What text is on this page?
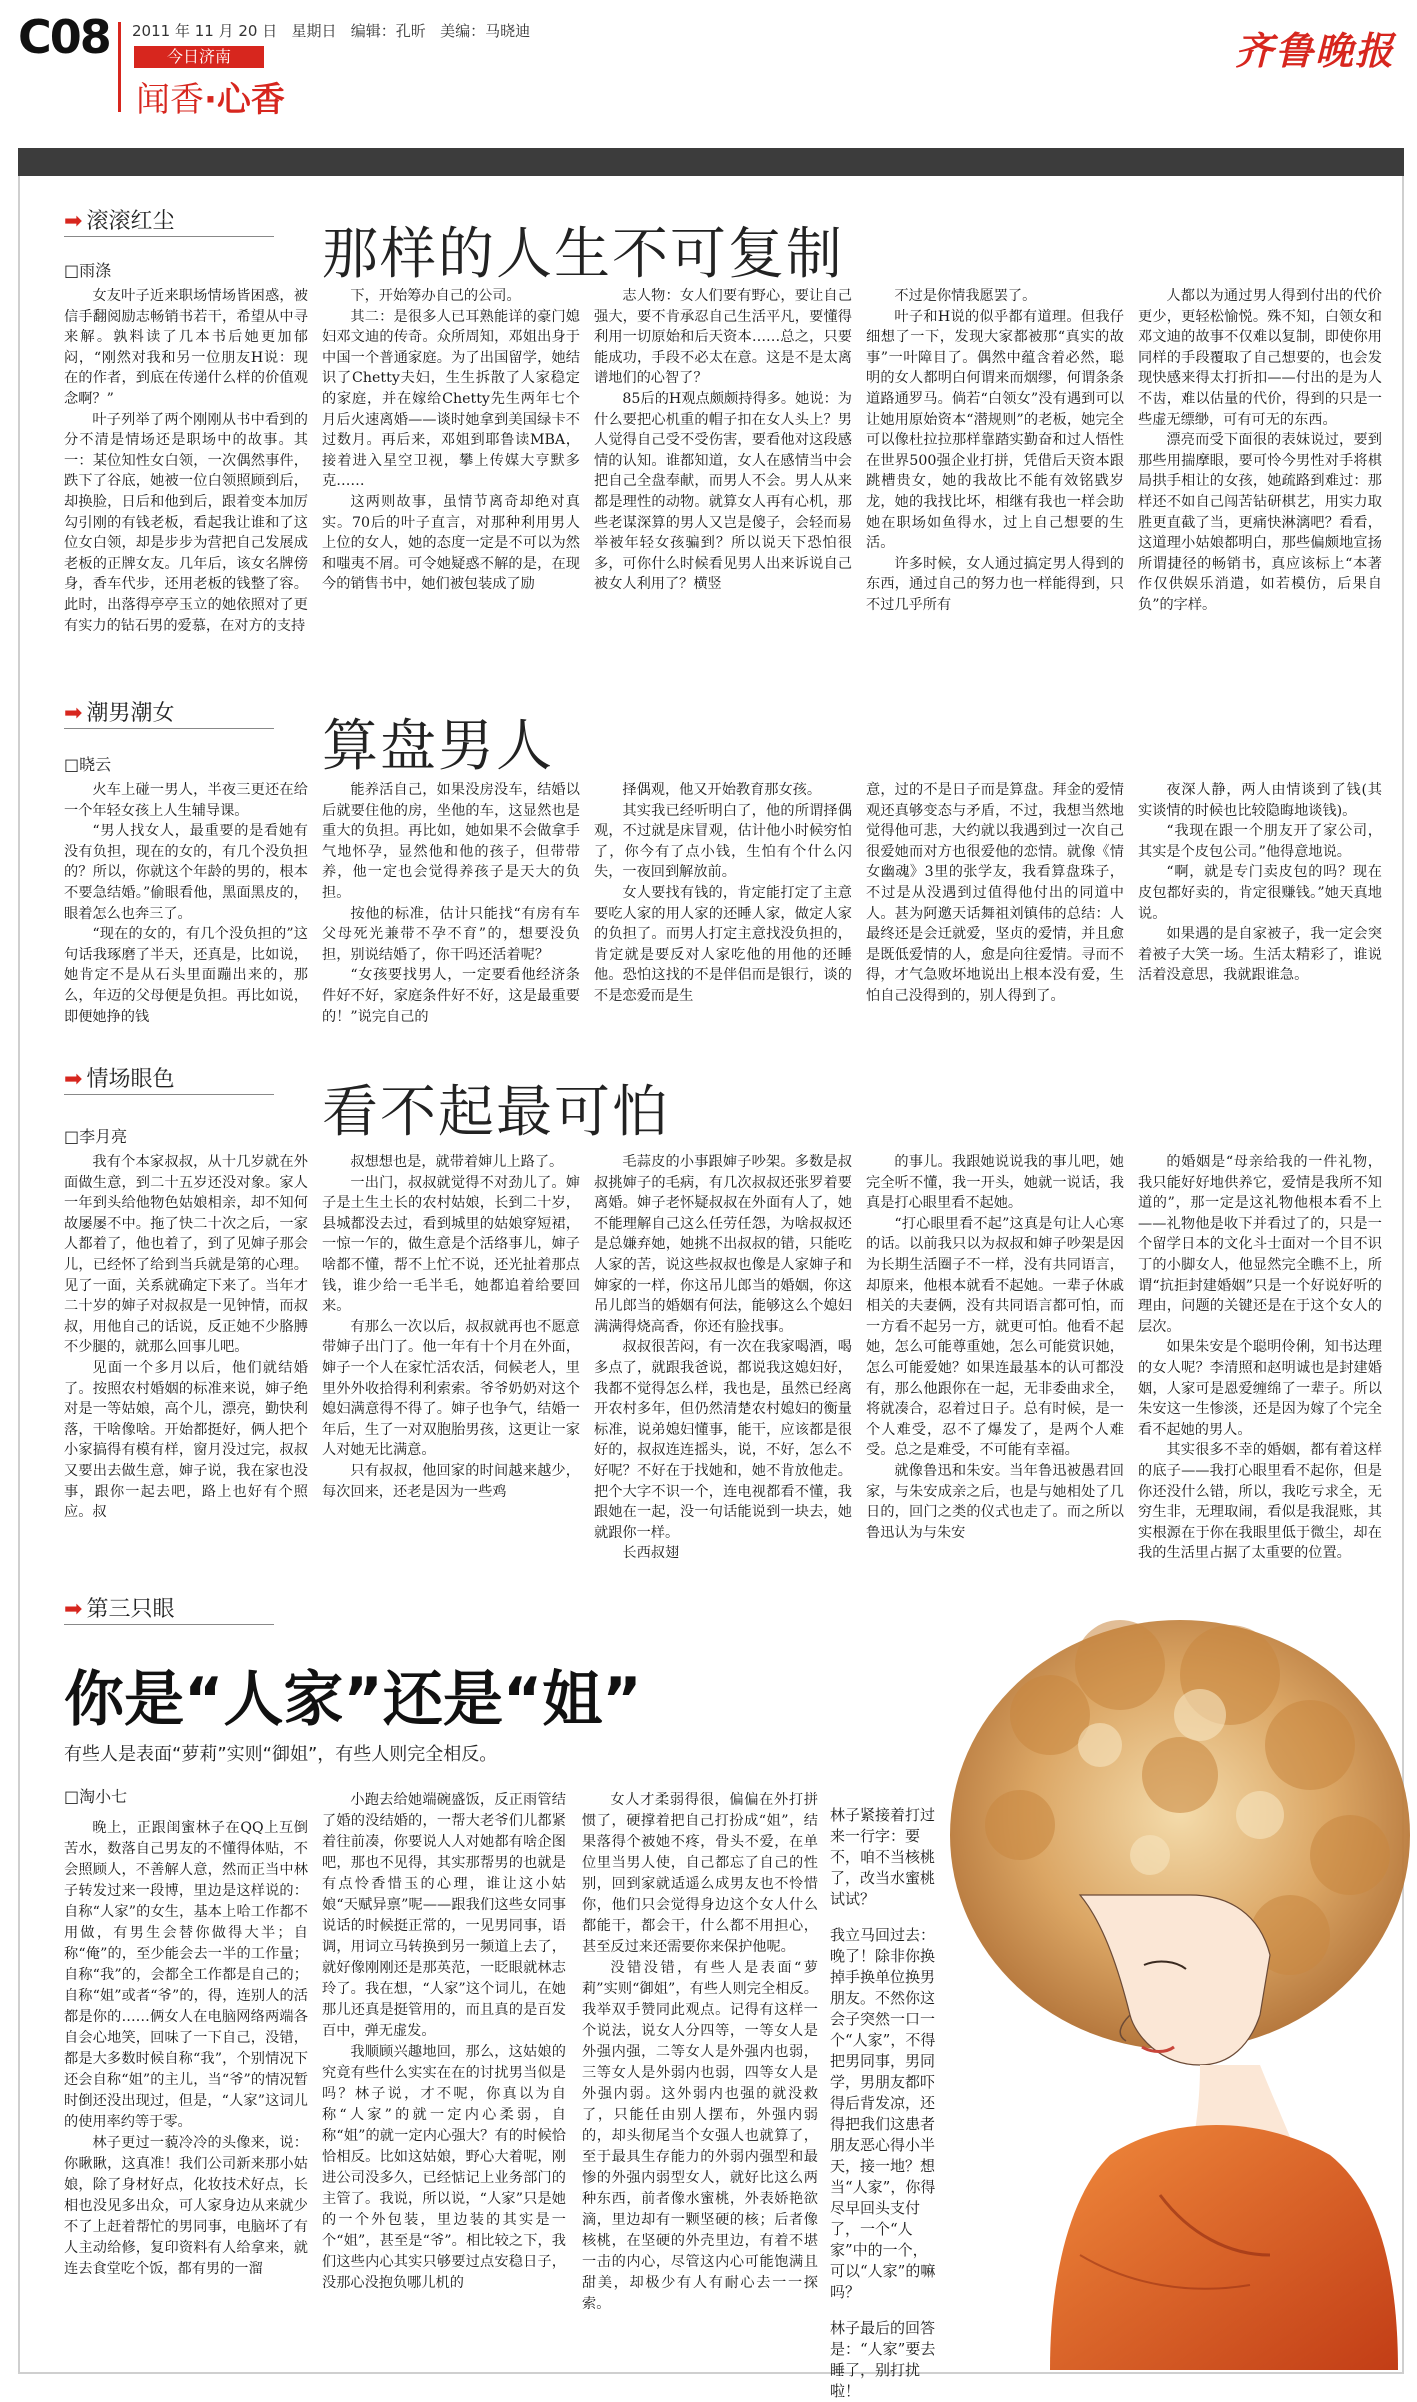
C08 2011 年 11 月 20 日   星期日   编辑：孔昕   美编：马晓迪
今日济南
闻香·心香
齐鲁晚报
➡ 滚滚红尘
那样的人生不可复制
□雨涤

女友叶子近来职场情场皆困惑，被信手翻阅励志畅销书若干，希望从中寻来解。孰料读了几本书后她更加郁闷，“刚然对我和另一位朋友H说：现在的作者，到底在传递什么样的价值观念啊？”

叶子列举了两个刚刚从书中看到的分不清是情场还是职场中的故事。其一：某位知性女白领，一次偶然事件，跌下了谷底，她被一位白领照顾到后，却换脸，日后和他到后，跟着变本加厉勾引刚的有钱老板，看起我让谁和了这位女白领，却是步步为营把自己发展成老板的正牌女友。几年后，该女名牌傍身，香车代步，还用老板的钱整了容。此时，出落得亭亭玉立的她依照对了更有实力的钻石男的爱慕，在对方的支持

下，开始筹办自己的公司。

其二：是很多人已耳熟能详的豪门媳妇邓文迪的传奇。众所周知，邓姐出身于中国一个普通家庭。为了出国留学，她结识了Chetty夫妇，生生拆散了人家稳定的家庭，并在嫁给Chetty先生两年七个月后火速离婚——谈时她拿到美国绿卡不过数月。再后来，邓姐到耶鲁读MBA，接着进入星空卫视，攀上传媒大亨默多克……

这两则故事，虽情节离奇却绝对真实。70后的叶子直言，对那种利用男人上位的女人，她的态度一定是不可以为然和嗤夷不屑。可令她疑惑不解的是，在现今的销售书中，她们被包装成了励

志人物：女人们要有野心，要让自己强大，要不肯承忍自己生活平凡，要懂得利用一切原始和后天资本……总之，只要能成功，手段不必太在意。这是不是太离谱地们的心智了？

85后的H观点颇颇持得多。她说：为什么要把心机重的帽子扣在女人头上？男人觉得自己受不受伤害，要看他对这段感情的认知。谁都知道，女人在感情当中会把自己全盘奉献，而男人不会。男人从来都是理性的动物。就算女人再有心机，那些老谋深算的男人又岂是傻子，会轻而易举被年轻女孩骗到？所以说天下恐怕很多，可你什么时候看见男人出来诉说自己被女人利用了？横竖

不过是你情我愿罢了。

叶子和H说的似乎都有道理。但我仔细想了一下，发现大家都被那“真实的故事”一叶障目了。偶然中蕴含着必然，聪明的女人都明白何谓来而烟缪，何谓条条道路通罗马。倘若“白领女”没有遇到可以让她用原始资本“潜规则”的老板，她完全可以像杜拉拉那样靠踏实勤奋和过人悟性在世界500强企业打拼，凭借后天资本跟跳槽贵女，她的我故比不能有效铭戥岁龙，她的我找比坏，相继有我也一样会助她在职场如鱼得水，过上自己想要的生活。

许多时候，女人通过搞定男人得到的东西，通过自己的努力也一样能得到，只不过几乎所有

人都以为通过男人得到付出的代价更少，更轻松愉悦。殊不知，白领女和邓文迪的故事不仅难以复制，即使你用同样的手段覆取了自己想要的，也会发现快感来得太打折扣——付出的是为人不齿，难以估量的代价，得到的只是一些虚无缥缈，可有可无的东西。

漂亮而受下面很的表妹说过，要到那些用揣摩眼，要可怜今男性对手将棋局拱手相让的女孩，她疏路到难过：那样还不如自己闯苦钻研棋艺，用实力取胜更直截了当，更痛快淋漓吧？看看，这道理小姑娘都明白，那些偏颇地宣扬所谓捷径的畅销书，真应该标上“本著作仅供娱乐消遣，如若模仿，后果自负”的字样。

➡ 潮男潮女
算盘男人
□晓云

火车上碰一男人，半夜三更还在给一个年轻女孩上人生辅导课。

“男人找女人，最重要的是看她有没有负担，现在的女的，有几个没负担的？所以，你就这个年龄的男的，根本不要急结婚。”偷眼看他，黑面黑皮的，眼着怎么也奔三了。

“现在的女的，有几个没负担的”这句话我琢磨了半天，还真是，比如说，她肯定不是从石头里面蹦出来的，那么，年迈的父母便是负担。再比如说，即便她挣的钱

能养活自己，如果没房没车，结婚以后就要住他的房，坐他的车，这显然也是重大的负担。再比如，她如果不会做拿手气地怀孕，显然他和他的孩子，但带带养，他一定也会觉得养孩子是天大的负担。

按他的标准，估计只能找“有房有车父母死光兼带不孕不育”的，想要没负担，别说结婚了，你干吗还活着呢？

“女孩要找男人，一定要看他经济条件好不好，家庭条件好不好，这是最重要的！”说完自己的

择偶观，他又开始教育那女孩。

其实我已经听明白了，他的所谓择偶观，不过就是床冒观，估计他小时候穷怕了，你今有了点小钱，生怕有个什么闪失，一夜回到解放前。

女人要找有钱的，肯定能打定了主意要吃人家的用人家的还睡人家，做定人家的负担了。而男人打定主意找没负担的，肯定就是要反对人家吃他的用他的还睡他。恐怕这找的不是伴侣而是银行，谈的不是恋爱而是生

意，过的不是日子而是算盘。拜金的爱情观还真够变态与矛盾，不过，我想当然地觉得他可悲，大约就以我遇到过一次自己很爱她而对方也很爱他的恋情。就像《情女幽魂》3里的张学友，我看算盘珠子，不过是从没遇到过值得他付出的同道中人。甚为阿邀天话舞祖刘镇伟的总结：人最终还是会迁就爱，坚贞的爱情，并且愈是既低爱情的人，愈是向往爱情。寻而不得，才气急败坏地说出上根本没有爱，生怕自己没得到的，别人得到了。

夜深人静，两人由情谈到了钱(其实谈情的时候也比较隐晦地谈钱)。

“我现在跟一个朋友开了家公司，其实是个皮包公司。”他得意地说。

“啊，就是专门卖皮包的吗？现在皮包都好卖的，肯定很赚钱。”她天真地说。

如果遇的是自家被子，我一定会突着被子大笑一场。生活太精彩了，谁说活着没意思，我就跟谁急。

➡ 情场眼色
看不起最可怕
□李月亮

我有个本家叔叔，从十几岁就在外面做生意，到二十五岁还没对象。家人一年到头给他物色姑娘相亲，却不知何故屡屡不中。拖了快二十次之后，一家人都着了，他也着了，到了见婶子那会儿，已经怀了给到当兵就是第的心理。见了一面，关系就确定下来了。当年才二十岁的婶子对叔叔是一见钟情，而叔叔，用他自己的话说，反正她不少胳膊不少腿的，就那么回事儿吧。

见面一个多月以后，他们就结婚了。按照农村婚姻的标准来说，婶子绝对是一等姑娘，高个儿，漂亮，勤快利落，干啥像啥。开始都挺好，俩人把个小家搞得有模有样，窗月没过完，叔叔又要出去做生意，婶子说，我在家也没事，跟你一起去吧，路上也好有个照应。叔

叔想想也是，就带着婶儿上路了。

一出门，叔叔就觉得不对劲儿了。婶子是土生土长的农村姑娘，长到二十岁，县城都没去过，看到城里的姑娘穿短裙，一惊一乍的，做生意是个活络事儿，婶子啥都不懂，帮不上忙不说，还光扯着那点钱，谁少给一毛半毛，她都追着给要回来。

有那么一次以后，叔叔就再也不愿意带婶子出门了。他一年有十个月在外面，婶子一个人在家忙活农活，伺候老人，里里外外收拾得利利索索。爷爷奶奶对这个媳妇满意得不得了。婶子也争气，结婚一年后，生了一对双胞胎男孩，这更让一家人对她无比满意。

只有叔叔，他回家的时间越来越少，每次回来，还老是因为一些鸡

毛蒜皮的小事跟婶子吵架。多数是叔叔挑婶子的毛病，有几次叔叔还张罗着要离婚。婶子老怀疑叔叔在外面有人了，她不能理解自己这么任劳任怨，为啥叔叔还是总嫌弃她，她挑不出叔叔的错，只能吃人家的苦，说这些叔叔也像是人家婶子和婶家的一样，你这吊儿郎当的婚姻，你这吊儿郎当的婚姻有何法，能够这么个媳妇满满得烧高香，你还有脸找事。

叔叔很苦闷，有一次在我家喝酒，喝多点了，就跟我爸说，都说我这媳妇好，我都不觉得怎么样，我也是，虽然已经离开农村多年，但仍然清楚农村媳妇的衡量标准，说弟媳妇懂事，能干，应该都是很好的，叔叔连连摇头，说，不好，怎么不好呢？不好在于找她和，她不肯放他走。把个大字不识一个，连电视都看不懂，我跟她在一起，没一句话能说到一块去，她就跟你一样。

长西叔翅

的事儿。我跟她说说我的事儿吧，她完全听不懂，我一开头，她就一说话，我真是打心眼里看不起她。

“打心眼里看不起”这真是句让人心寒的话。以前我只以为叔叔和婶子吵架是因为长期生活圈子不一样，没有共同语言，却原来，他根本就看不起她。一辈子休戚相关的夫妻俩，没有共同语言都可怕，而一方看不起另一方，就更可怕。他看不起她，怎么可能尊重她，怎么可能赏识她，怎么可能爱她？如果连最基本的认可都没有，那么他跟你在一起，无非委曲求全，将就凑合，忍着过日子。总有时候，是一个人难受，忍不了爆发了，是两个人难受。总之是难受，不可能有幸福。

就像鲁迅和朱安。当年鲁迅被愚君回家，与朱安成亲之后，也是与她相处了几日的，回门之类的仪式也走了。而之所以鲁迅认为与朱安

的婚姻是“母亲给我的一件礼物，我只能好好地供养它，爱情是我所不知道的”，那一定是这礼物他根本看不上——礼物他是收下并看过了的，只是一个留学日本的文化斗士面对一个目不识丁的小脚女人，他显然完全瞧不上，所谓“抗拒封建婚姻”只是一个好说好听的理由，问题的关键还是在于这个女人的层次。

如果朱安是个聪明伶俐，知书达理的女人呢？李清照和赵明诚也是封建婚姻，人家可是恩爱缠绵了一辈子。所以朱安这一生惨淡，还是因为嫁了个完全看不起她的男人。

其实很多不幸的婚姻，都有着这样的底子——我打心眼里看不起你，但是你还没什么错，所以，我吃亏求全，无穷生非，无理取闹，看似是我混账，其实根源在于你在我眼里低于微尘，却在我的生活里占据了太重要的位置。

➡ 第三只眼
你是“人家”还是“姐”
有些人是表面“萝莉”实则“御姐”，有些人则完全相反。
□淘小七

晚上，正跟闺蜜林子在QQ上互倒苦水，数落自己男友的不懂得体贴，不会照顾人，不善解人意，然而正当中林子转发过来一段博，里边是这样说的：自称“人家”的女生，基本上哈工作都不用做，有男生会替你做得大半；自称“俺”的，至少能会去一半的工作量；自称“我”的，会都全工作都是自己的；自称“姐”或者“爷”的，得，连别人的活都是你的……俩女人在电脑网络两端各自会心地笑，回味了一下自己，没错，都是大多数时候自称“我”，个别情况下还会自称“姐”的主儿，当“爷”的情况暂时倒还没出现过，但是，“人家”这词儿的使用率约等于零。

林子更过一藐冷冷的头像来，说：你瞅瞅，这真准！我们公司新来那小姑娘，除了身材好点，化妆技术好点，长相也没见多出众，可人家身边从来就少不了上赶着帮忙的男同事，电脑坏了有人主动给修，复印资料有人给拿来，就连去食堂吃个饭，都有男的一溜

小跑去给她端碗盛饭，反正雨管结了婚的没结婚的，一帮大老爷们儿都紧着往前凑，你要说人人对她都有啥企图吧，那也不见得，其实那帮男的也就是有点怜香惜玉的心理，谁让这小姑娘“天赋异禀”呢——跟我们这些女同事说话的时候挺正常的，一见男同事，语调，用词立马转换到另一频道上去了，就好像刚刚还是那英范，一眨眼就林志玲了。我在想，“人家”这个词儿，在她那儿还真是挺管用的，而且真的是百发百中，弹无虚发。

我顺顾兴趣地回，那么，这姑娘的究竟有些什么实实在在的讨扰男当似是吗？林子说，才不呢，你真以为自称“人家”的就一定内心柔弱，自称“姐”的就一定内心强大？有的时候恰恰相反。比如这姑娘，野心大着呢，刚进公司没多久，已经惦记上业务部门的主管了。我说，所以说，“人家”只是她的一个外包装，里边装的其实是一个“姐”，甚至是“爷”。相比较之下，我们这些内心其实只够要过点安稳日子，没那心没抱负哪儿机的

女人才柔弱得很，偏偏在外打拼惯了，硬撑着把自己打扮成“姐”，结果落得个被她不疼，骨头不爱，在单位里当男人使，自己都忘了自己的性别，回到家就适遥么成男友也不怜惜你，他们只会觉得身边这个女人什么都能干，都会干，什么都不用担心，甚至反过来还需要你来保护他呢。

没错没错，有些人是表面“萝莉”实则“御姐”，有些人则完全相反。我举双手赞同此观点。记得有这样一个说法，说女人分四等，一等女人是外强内强，二等女人是外强内也弱，三等女人是外弱内也弱，四等女人是外强内弱。这外弱内也强的就没救了，只能任由别人摆布，外强内弱的，却头彻尾当个女强人也就算了，至于最具生存能力的外弱内强型和最惨的外强内弱型女人，就好比这么两种东西，前者像水蜜桃，外表娇艳欲滴，里边却有一颗坚硬的核；后者像核桃，在坚硬的外壳里边，有着不堪一击的内心，尽管这内心可能饱满且甜美，却极少有人有耐心去一一探索。

林子紧接着打过来一行字：要不，咱不当核桃了，改当水蜜桃试试？

我立马回过去：晚了！除非你换掉手换单位换男朋友。不然你这会子突然一口一个“人家”，不得把男同事，男同学，男朋友都吓得后背发凉，还得把我们这患者朋友恶心得小半天，接一地？想当“人家”，你得尽早回头支付了，一个“人家”中的一个，可以“人家”的嘛吗？

林子最后的回答是：“人家”要去睡了，别打扰啦！
